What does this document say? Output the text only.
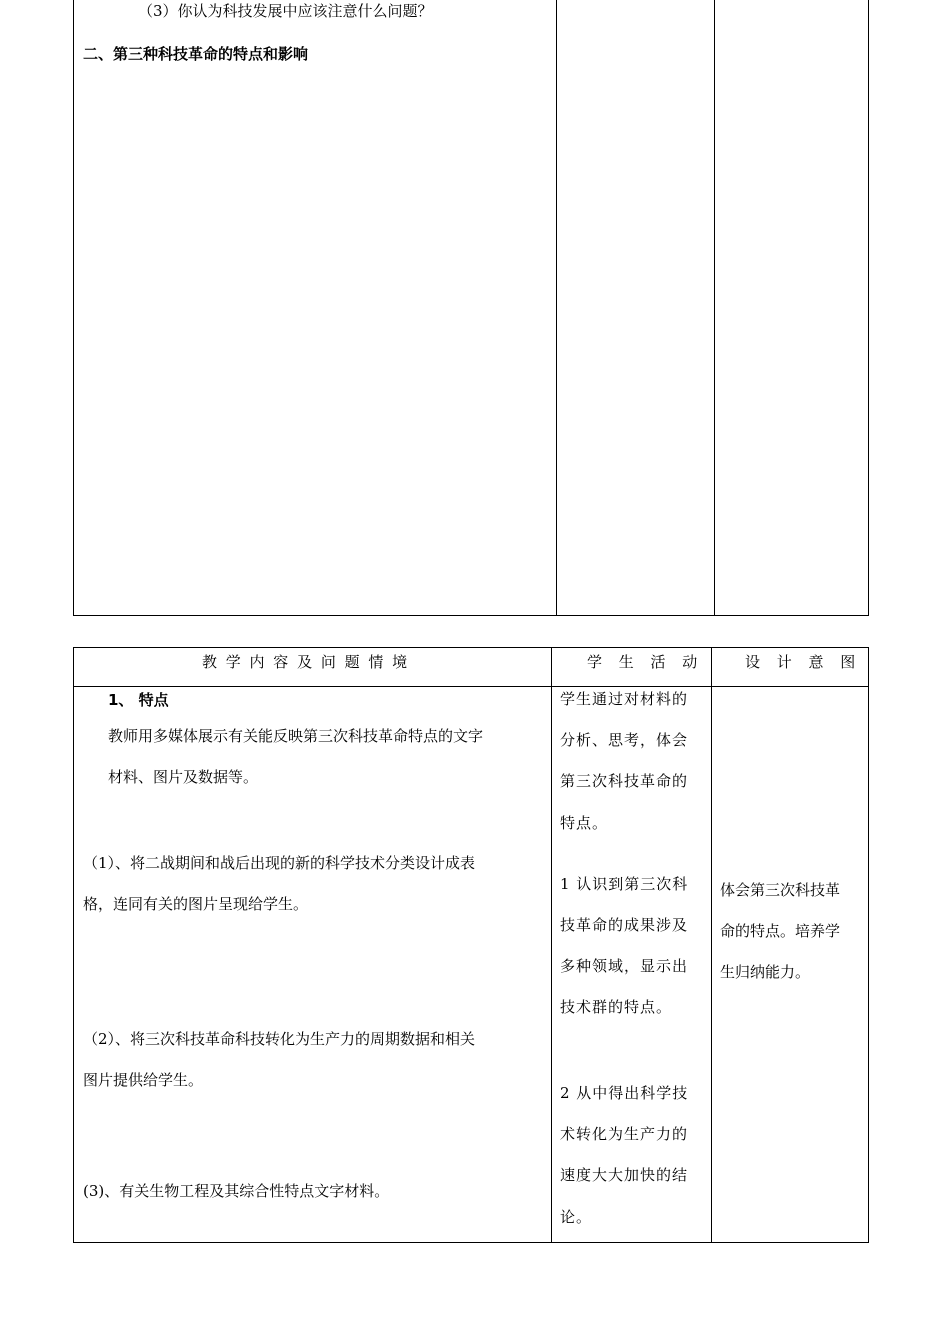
（3）你认为科技发展中应该注意什么问题？
二、第三种科技革命的特点和影响
教 学 内 容 及 问 题 情 境	学 生 活 动	设 计 意 图
1、 特点
教师用多媒体展示有关能反映第三次科技革命特点的文字
材料、图片及数据等。
（1）、将二战期间和战后出现的新的科学技术分类设计成表
格，连同有关的图片呈现给学生。
（2）、将三次科技革命科技转化为生产力的周期数据和相关
图片提供给学生。
(3)、有关生物工程及其综合性特点文字材料。
学生通过对材料的
分析、思考，体会
第三次科技革命的
特点。
1 认识到第三次科
技革命的成果涉及
多种领域，显示出
技术群的特点。
2 从中得出科学技
术转化为生产力的
速度大大加快的结
论。
体会第三次科技革
命的特点。培养学
生归纳能力。
